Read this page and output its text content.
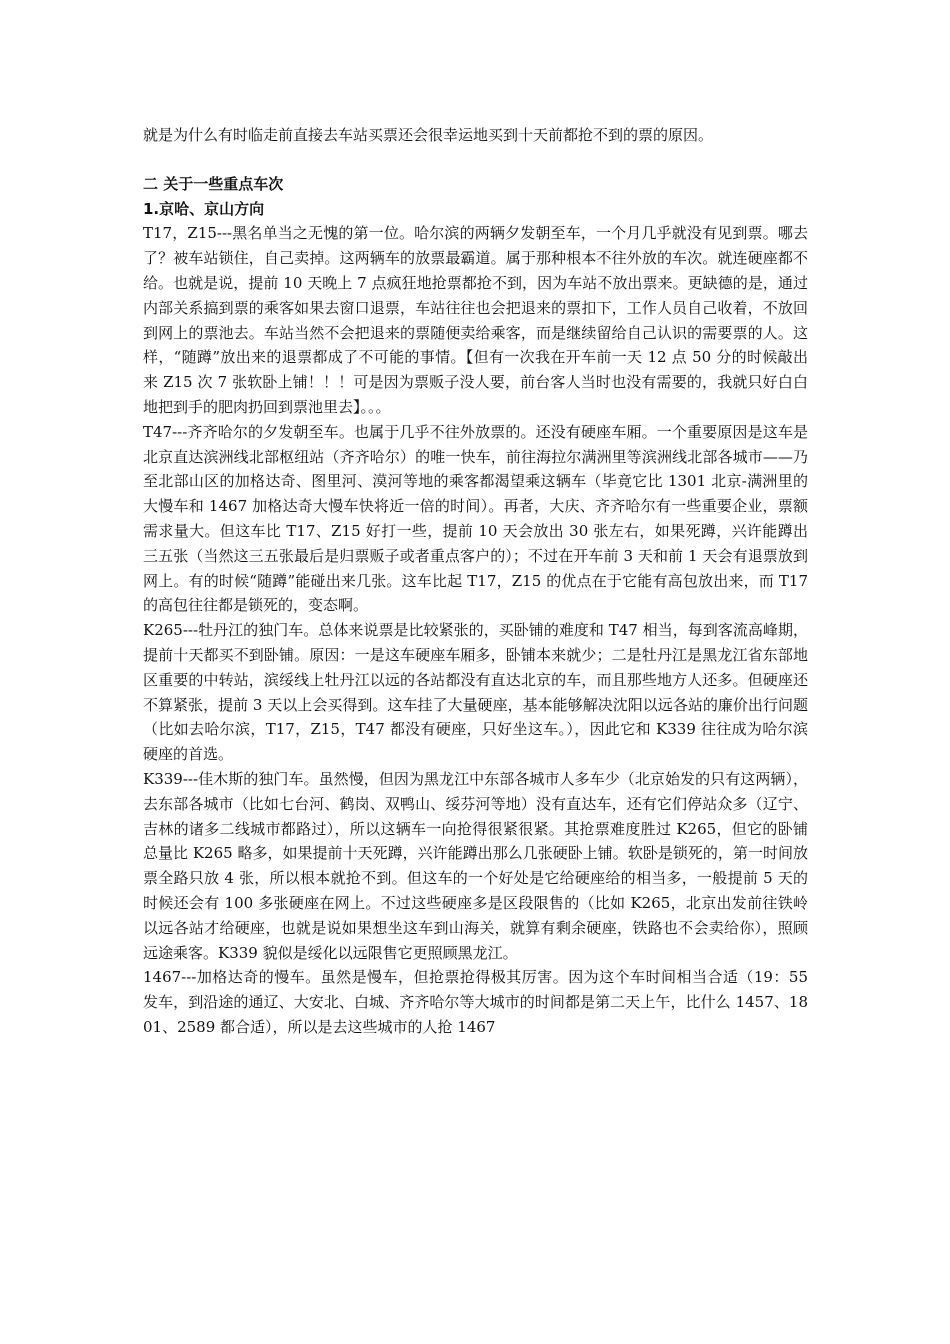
就是为什么有时临走前直接去车站买票还会很幸运地买到十天前都抢不到的票的原因。

二 关于一些重点车次

1.京哈、京山方向

T17，Z15---黑名单当之无愧的第一位。哈尔滨的两辆夕发朝至车，一个月几乎就没有见到票。哪去了？被车站锁住，自己卖掉。这两辆车的放票最霸道。属于那种根本不往外放的车次。就连硬座都不给。也就是说，提前 10 天晚上 7 点疯狂地抢票都抢不到，因为车站不放出票来。更缺德的是，通过内部关系搞到票的乘客如果去窗口退票，车站往往也会把退来的票扣下，工作人员自己收着，不放回到网上的票池去。车站当然不会把退来的票随便卖给乘客，而是继续留给自己认识的需要票的人。这样，“随蹲”放出来的退票都成了不可能的事情。【但有一次我在开车前一天 12 点 50 分的时候敲出来 Z15 次 7 张软卧上铺！！！可是因为票贩子没人要，前台客人当时也没有需要的，我就只好白白地把到手的肥肉扔回到票池里去】。。。

T47---齐齐哈尔的夕发朝至车。也属于几乎不往外放票的。还没有硬座车厢。一个重要原因是这车是北京直达滨洲线北部枢纽站（齐齐哈尔）的唯一快车，前往海拉尔满洲里等滨洲线北部各城市——乃至北部山区的加格达奇、图里河、漠河等地的乘客都渴望乘这辆车（毕竟它比 1301 北京-满洲里的大慢车和 1467 加格达奇大慢车快将近一倍的时间）。再者，大庆、齐齐哈尔有一些重要企业，票额需求量大。但这车比 T17、Z15 好打一些，提前 10 天会放出 30 张左右，如果死蹲，兴许能蹲出三五张（当然这三五张最后是归票贩子或者重点客户的）；不过在开车前 3 天和前 1 天会有退票放到网上。有的时候“随蹲”能碰出来几张。这车比起 T17，Z15 的优点在于它能有高包放出来，而 T17 的高包往往都是锁死的，变态啊。

K265---牡丹江的独门车。总体来说票是比较紧张的，买卧铺的难度和 T47 相当，每到客流高峰期，提前十天都买不到卧铺。原因：一是这车硬座车厢多，卧铺本来就少；二是牡丹江是黑龙江省东部地区重要的中转站，滨绥线上牡丹江以远的各站都没有直达北京的车，而且那些地方人还多。但硬座还不算紧张，提前 3 天以上会买得到。这车挂了大量硬座，基本能够解决沈阳以远各站的廉价出行问题（比如去哈尔滨，T17，Z15，T47 都没有硬座，只好坐这车。），因此它和 K339 往往成为哈尔滨硬座的首选。

K339---佳木斯的独门车。虽然慢，但因为黑龙江中东部各城市人多车少（北京始发的只有这两辆），去东部各城市（比如七台河、鹤岗、双鸭山、绥芬河等地）没有直达车，还有它们停站众多（辽宁、吉林的诸多二线城市都路过），所以这辆车一向抢得很紧很紧。其抢票难度胜过 K265，但它的卧铺总量比 K265 略多，如果提前十天死蹲，兴许能蹲出那么几张硬卧上铺。软卧是锁死的，第一时间放票全路只放 4 张，所以根本就抢不到。但这车的一个好处是它给硬座给的相当多，一般提前 5 天的时候还会有 100 多张硬座在网上。不过这些硬座多是区段限售的（比如 K265，北京出发前往铁岭以远各站才给硬座，也就是说如果想坐这车到山海关，就算有剩余硬座，铁路也不会卖给你），照顾远途乘客。K339 貌似是绥化以远限售它更照顾黑龙江。

1467---加格达奇的慢车。虽然是慢车，但抢票抢得极其厉害。因为这个车时间相当合适（19：55 发车，到沿途的通辽、大安北、白城、齐齐哈尔等大城市的时间都是第二天上午，比什么 1457、1801、2589 都合适），所以是去这些城市的人抢 1467
